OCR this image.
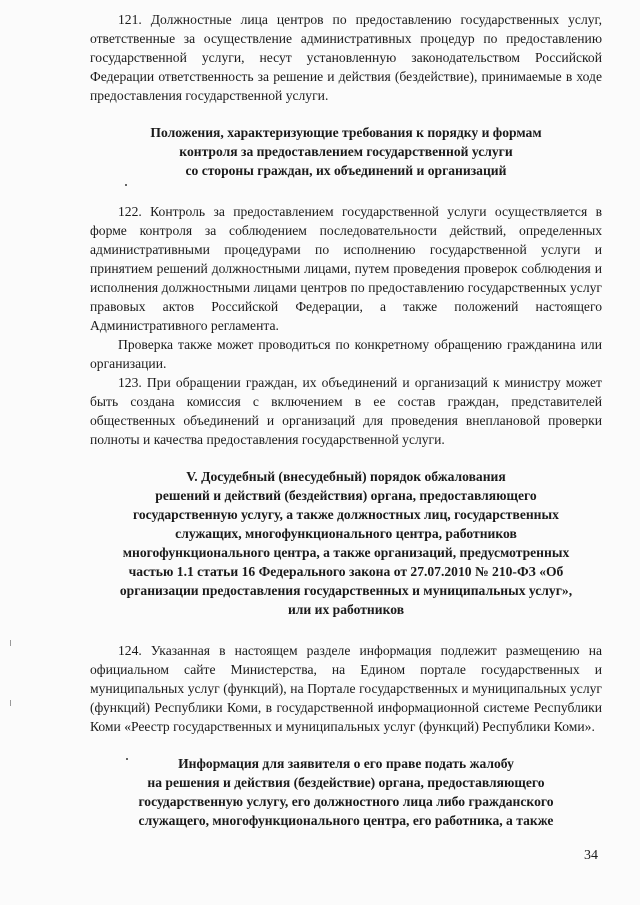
121. Должностные лица центров по предоставлению государственных услуг, ответственные за осуществление административных процедур по предоставлению государственной услуги, несут установленную законодательством Российской Федерации ответственность за решение и действия (бездействие), принимаемые в ходе предоставления государственной услуги.

Положения, характеризующие требования к порядку и формам

контроля за предоставлением государственной услуги

со стороны граждан, их объединений и организаций

122. Контроль за предоставлением государственной услуги осуществляется в форме контроля за соблюдением последовательности действий, определенных административными процедурами по исполнению государственной услуги и принятием решений должностными лицами, путем проведения проверок соблюдения и исполнения должностными лицами центров по предоставлению государственных услуг правовых актов Российской Федерации, а также положений настоящего Административного регламента.

Проверка также может проводиться по конкретному обращению гражданина или организации.

123. При обращении граждан, их объединений и организаций к министру может быть создана комиссия с включением в ее состав граждан, представителей общественных объединений и организаций для проведения внеплановой проверки полноты и качества предоставления государственной услуги.

V. Досудебный (внесудебный) порядок обжалования

решений и действий (бездействия) органа, предоставляющего

государственную услугу, а также должностных лиц, государственных

служащих, многофункционального центра, работников

многофункционального центра, а также организаций, предусмотренных

частью 1.1 статьи 16 Федерального закона от 27.07.2010 № 210-ФЗ «Об

организации предоставления государственных и муниципальных услуг»,

или их работников

124. Указанная в настоящем разделе информация подлежит размещению на официальном сайте Министерства, на Едином портале государственных и муниципальных услуг (функций), на Портале государственных и муниципальных услуг (функций) Республики Коми, в государственной информационной системе Республики Коми «Реестр государственных и муниципальных услуг (функций) Республики Коми».

Информация для заявителя о его праве подать жалобу

на решения и действия (бездействие) органа, предоставляющего

государственную услугу, его должностного лица либо гражданского

служащего, многофункционального центра, его работника, а также

34
